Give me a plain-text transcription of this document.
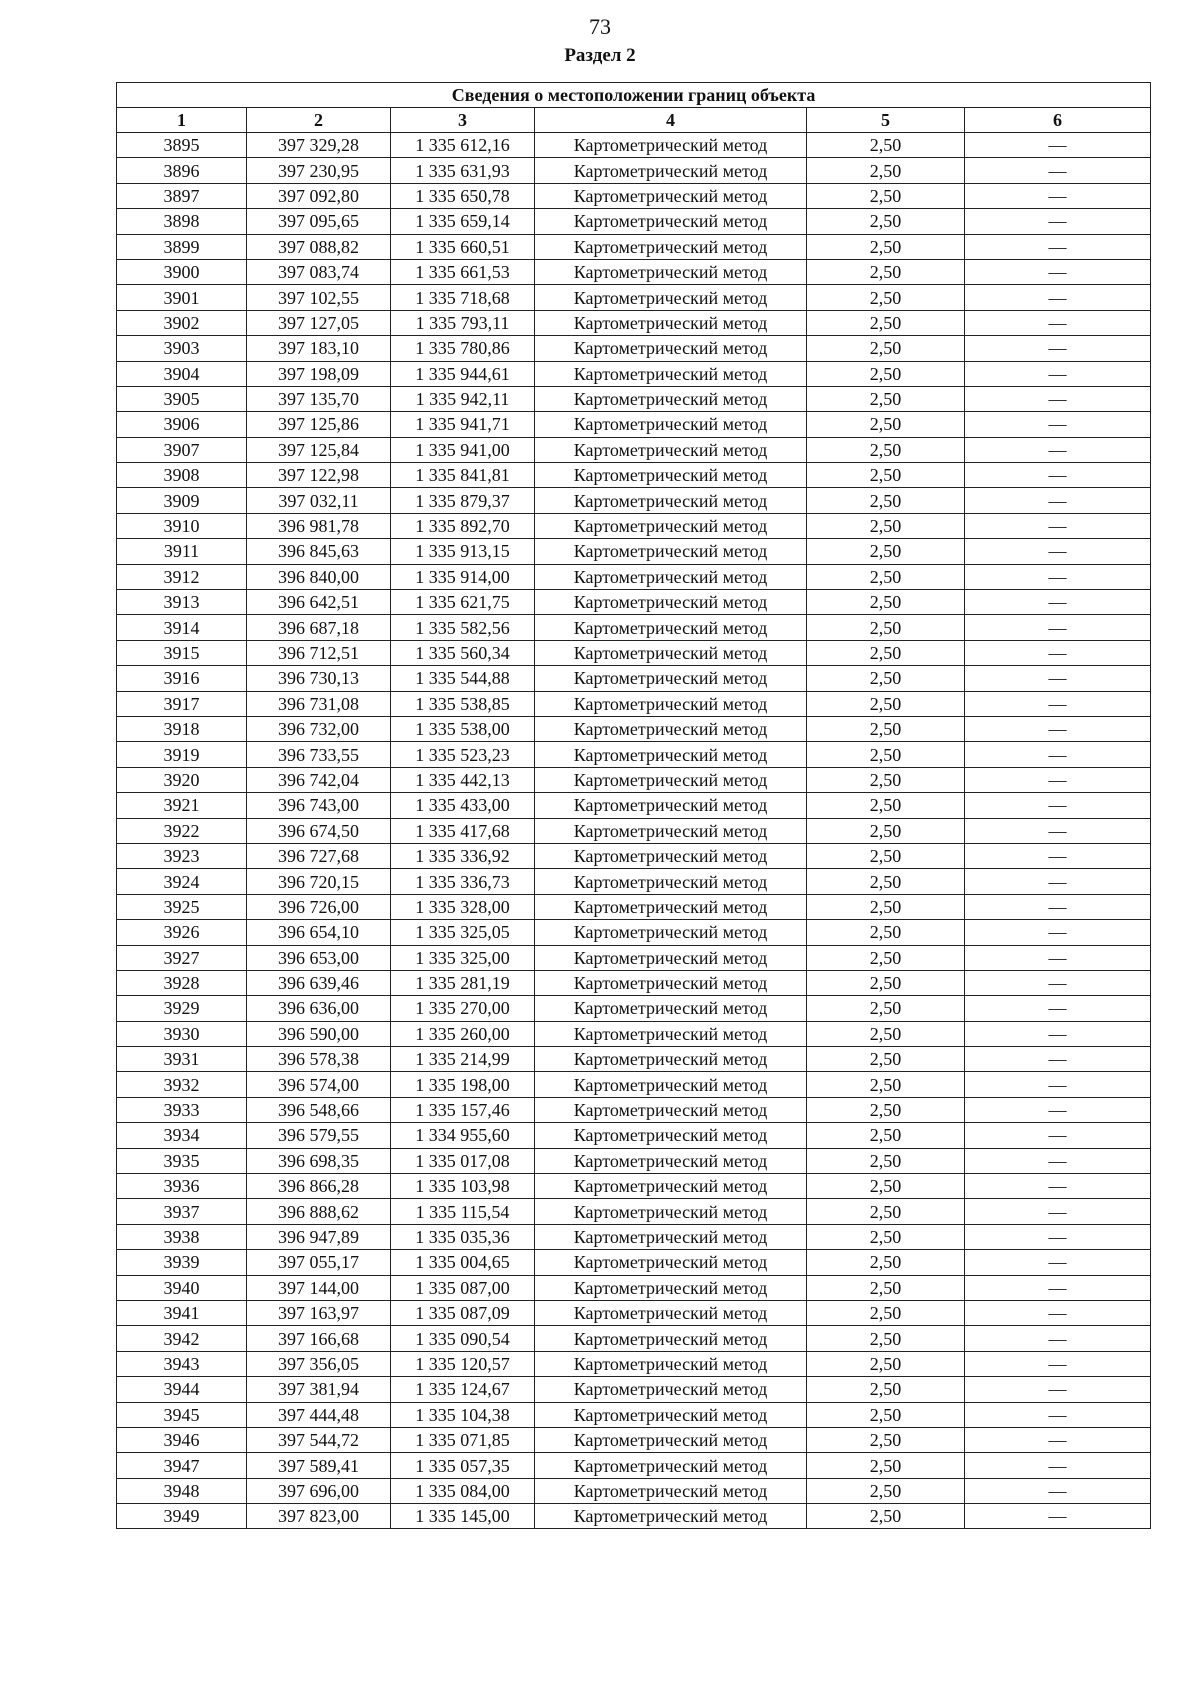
73
Раздел 2
Сведения о местоположении границ объекта					
1	2	3	4	5	6
3895	397 329,28	1 335 612,16	Картометрический метод	2,50	—
3896	397 230,95	1 335 631,93	Картометрический метод	2,50	—
3897	397 092,80	1 335 650,78	Картометрический метод	2,50	—
3898	397 095,65	1 335 659,14	Картометрический метод	2,50	—
3899	397 088,82	1 335 660,51	Картометрический метод	2,50	—
3900	397 083,74	1 335 661,53	Картометрический метод	2,50	—
3901	397 102,55	1 335 718,68	Картометрический метод	2,50	—
3902	397 127,05	1 335 793,11	Картометрический метод	2,50	—
3903	397 183,10	1 335 780,86	Картометрический метод	2,50	—
3904	397 198,09	1 335 944,61	Картометрический метод	2,50	—
3905	397 135,70	1 335 942,11	Картометрический метод	2,50	—
3906	397 125,86	1 335 941,71	Картометрический метод	2,50	—
3907	397 125,84	1 335 941,00	Картометрический метод	2,50	—
3908	397 122,98	1 335 841,81	Картометрический метод	2,50	—
3909	397 032,11	1 335 879,37	Картометрический метод	2,50	—
3910	396 981,78	1 335 892,70	Картометрический метод	2,50	—
3911	396 845,63	1 335 913,15	Картометрический метод	2,50	—
3912	396 840,00	1 335 914,00	Картометрический метод	2,50	—
3913	396 642,51	1 335 621,75	Картометрический метод	2,50	—
3914	396 687,18	1 335 582,56	Картометрический метод	2,50	—
3915	396 712,51	1 335 560,34	Картометрический метод	2,50	—
3916	396 730,13	1 335 544,88	Картометрический метод	2,50	—
3917	396 731,08	1 335 538,85	Картометрический метод	2,50	—
3918	396 732,00	1 335 538,00	Картометрический метод	2,50	—
3919	396 733,55	1 335 523,23	Картометрический метод	2,50	—
3920	396 742,04	1 335 442,13	Картометрический метод	2,50	—
3921	396 743,00	1 335 433,00	Картометрический метод	2,50	—
3922	396 674,50	1 335 417,68	Картометрический метод	2,50	—
3923	396 727,68	1 335 336,92	Картометрический метод	2,50	—
3924	396 720,15	1 335 336,73	Картометрический метод	2,50	—
3925	396 726,00	1 335 328,00	Картометрический метод	2,50	—
3926	396 654,10	1 335 325,05	Картометрический метод	2,50	—
3927	396 653,00	1 335 325,00	Картометрический метод	2,50	—
3928	396 639,46	1 335 281,19	Картометрический метод	2,50	—
3929	396 636,00	1 335 270,00	Картометрический метод	2,50	—
3930	396 590,00	1 335 260,00	Картометрический метод	2,50	—
3931	396 578,38	1 335 214,99	Картометрический метод	2,50	—
3932	396 574,00	1 335 198,00	Картометрический метод	2,50	—
3933	396 548,66	1 335 157,46	Картометрический метод	2,50	—
3934	396 579,55	1 334 955,60	Картометрический метод	2,50	—
3935	396 698,35	1 335 017,08	Картометрический метод	2,50	—
3936	396 866,28	1 335 103,98	Картометрический метод	2,50	—
3937	396 888,62	1 335 115,54	Картометрический метод	2,50	—
3938	396 947,89	1 335 035,36	Картометрический метод	2,50	—
3939	397 055,17	1 335 004,65	Картометрический метод	2,50	—
3940	397 144,00	1 335 087,00	Картометрический метод	2,50	—
3941	397 163,97	1 335 087,09	Картометрический метод	2,50	—
3942	397 166,68	1 335 090,54	Картометрический метод	2,50	—
3943	397 356,05	1 335 120,57	Картометрический метод	2,50	—
3944	397 381,94	1 335 124,67	Картометрический метод	2,50	—
3945	397 444,48	1 335 104,38	Картометрический метод	2,50	—
3946	397 544,72	1 335 071,85	Картометрический метод	2,50	—
3947	397 589,41	1 335 057,35	Картометрический метод	2,50	—
3948	397 696,00	1 335 084,00	Картометрический метод	2,50	—
3949	397 823,00	1 335 145,00	Картометрический метод	2,50	—
